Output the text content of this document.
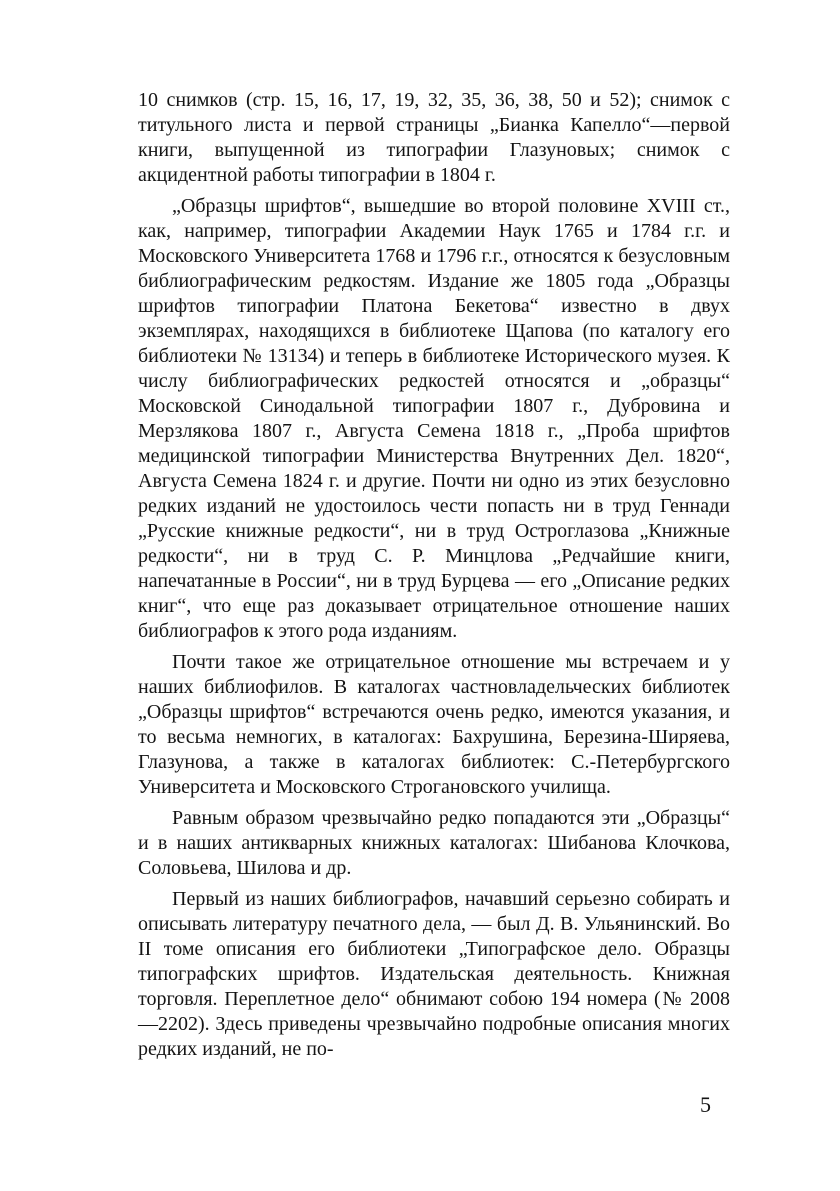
10 снимков (стр. 15, 16, 17, 19, 32, 35, 36, 38, 50 и 52); снимок с титульного листа и первой страницы „Бианка Капелло“—первой книги, выпущенной из типографии Глазуновых; снимок с акцидентной работы типографии в 1804 г.

„Образцы шрифтов“, вышедшие во второй половине XVIII ст., как, например, типографии Академии Наук 1765 и 1784 г.г. и Московского Университета 1768 и 1796 г.г., относятся к безусловным библиографическим редкостям. Издание же 1805 года „Образцы шрифтов типографии Платона Бекетова“ известно в двух экземплярах, находящихся в библиотеке Щапова (по каталогу его библиотеки № 13134) и теперь в библиотеке Исторического музея. К числу библиографических редкостей относятся и „образцы“ Московской Синодальной типографии 1807 г., Дубровина и Мерзлякова 1807 г., Августа Семена 1818 г., „Проба шрифтов медицинской типографии Министерства Внутренних Дел. 1820“, Августа Семена 1824 г. и другие. Почти ни одно из этих безусловно редких изданий не удостоилось чести попасть ни в труд Геннади „Русские книжные редкости“, ни в труд Остроглазова „Книжные редкости“, ни в труд С. Р. Минцлова „Редчайшие книги, напечатанные в России“, ни в труд Бурцева — его „Описание редких книг“, что еще раз доказывает отрицательное отношение наших библиографов к этого рода изданиям.

Почти такое же отрицательное отношение мы встречаем и у наших библиофилов. В каталогах частновладельческих библиотек „Образцы шрифтов“ встречаются очень редко, имеются указания, и то весьма немногих, в каталогах: Бахрушина, Березина-Ширяева, Глазунова, а также в каталогах библиотек: С.-Петербургского Университета и Московского Строгановского училища.

Равным образом чрезвычайно редко попадаются эти „Образцы“ и в наших антикварных книжных каталогах: Шибанова Клочкова, Соловьева, Шилова и др.

Первый из наших библиографов, начавший серьезно собирать и описывать литературу печатного дела, — был Д. В. Ульянинский. Во II томе описания его библиотеки „Типографское дело. Образцы типографских шрифтов. Издательская деятельность. Книжная торговля. Переплетное дело“ обнимают собою 194 номера (№ 2008—2202). Здесь приведены чрезвычайно подробные описания многих редких изданий, не по-

5
